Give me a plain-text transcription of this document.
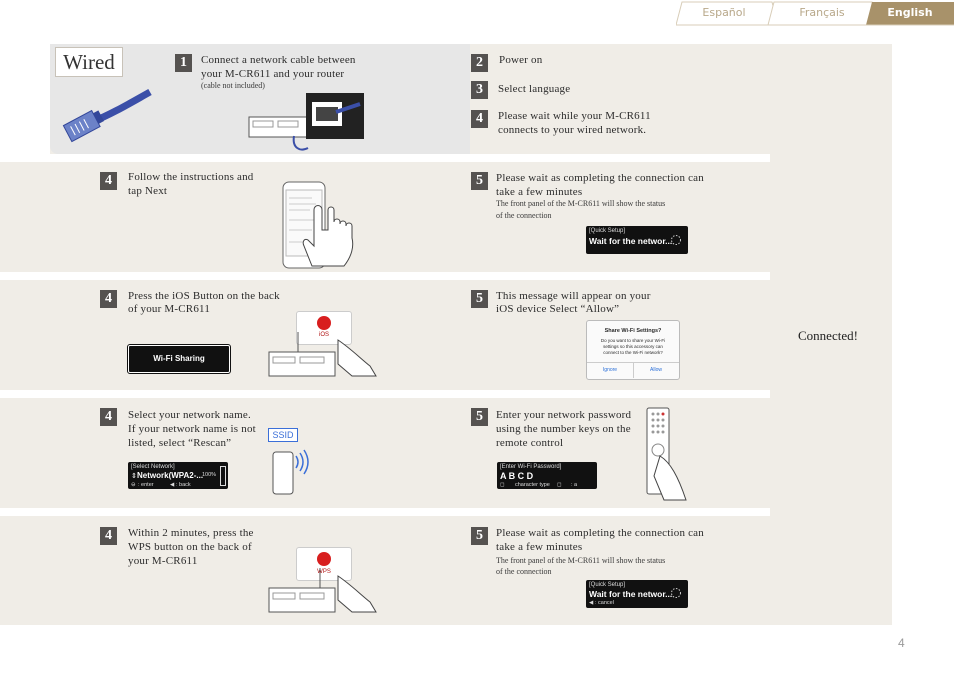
Español	Français	English
Wired	1	Connect a network cable between
your M-CR611 and your router
(cable not included)
2	Power on
3	Select language
4	Please wait while your M-CR611
connects to your wired network.
4	Follow the instructions and
tap Next
5	Please wait as completing the connection can
take a few minutes
The front panel of the M-CR611 will show the status
of the connection
[Quick Setup]
Wait for the networ...
4	Press the iOS Button on the back
of your M-CR611
Wi-Fi Sharing
iOS
5	This message will appear on your
iOS device Select “Allow”
Share Wi-Fi Settings?
Do you want to share your Wi-Fi
settings so this accessory can
connect to the Wi-Fi network?
Ignore	Allow
4	Select your network name.
If your network name is not
listed, select “Rescan”
[Select Network]
Network(WPA2-...
100%
⇕
⊖ : enter	◀ : back
SSID
5	Enter your network password
using the number keys on the
remote control
[Enter Wi-Fi Password]
A B C D
◻ character type ◻ : a
4	Within 2 minutes, press the
WPS button on the back of
your M-CR611
WPS
5	Please wait as completing the connection can
take a few minutes
The front panel of the M-CR611 will show the status
of the connection
[Quick Setup]
Wait for the networ...
◀ : cancel
Connected!
4
